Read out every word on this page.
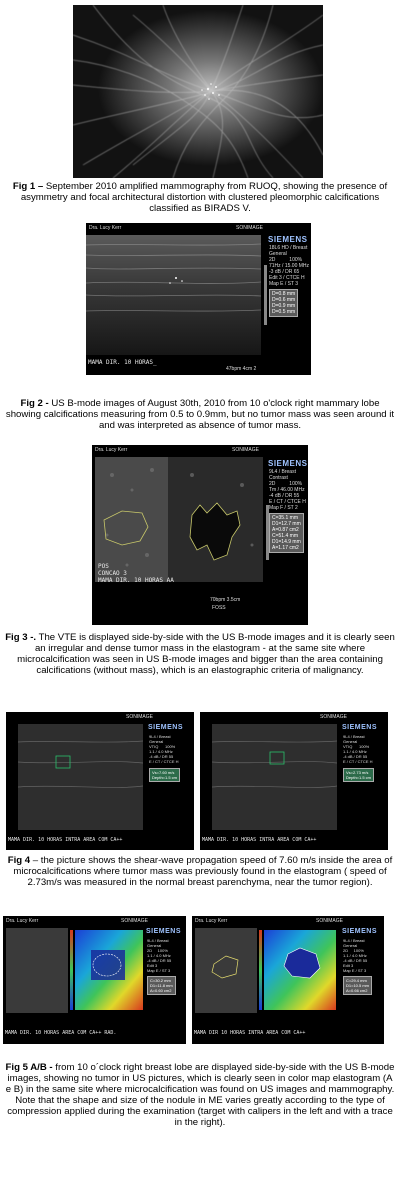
Fig 1 – September 2010 amplified mammography from RUOQ, showing the presence of asymmetry and focal architectural distortion with clustered pleomorphic calcifications classified as BIRADS V.
Dra. Lucy Kerr	SONIMAGE
SIEMENS
18L6 HD / Breast
General
2D          100%
71Hz / 15.00 MHz
-3 dB / DR 65
Edit 3 / CTCE H
Map E / ST 3
D=0.8 mm
D=0.6 mm
D=0.9 mm
D=0.5 mm
MAMA DIR. 10 HORAS_
47bpm 4cm 2
Fig 2 - US B-mode images of August 30th, 2010 from 10 o'clock right mammary lobe showing calcifications measuring from 0.5 to 0.9mm, but no tumor mass was seen around it and was interpreted as absence of tumor mass.
Dra. Lucy Kerr	SONIMAGE
SIEMENS
9L4 / Breast
Contrast
2D          100%
Tm / 46.00 MHz
-4 dB / DR 55
E / CT / CTCE H
Map F / ST 2
C=35.1 mm
D1=12.7 mm
A=0.87 cm2
C=51.4 mm
D1=14.9 mm
A=1.17 cm2
POS
CONCAO 3
MAMA DIR. 10 HORAS AA
70bpm 3.5cm
FOSS
Fig 3 -. The VTE is displayed side-by-side with the US B-mode images and it is clearly seen an irregular and dense tumor mass in the elastogram - at the same site where microcalcification was seen in US B-mode images and bigger than the area containing calcifications (without mass), which is an elastographic criteria of malignancy.
SONIMAGE
SIEMENS
9L4 / Breast
General
VTIQ      100%
1.1 / 4.0 MHz
-4 dB / DR 55
E / CT / CTCE H
Vs=7.60 m/s
Depth=1.5 cm
MAMA DIR. 10 HORAS INTRA AREA COM CA++
SONIMAGE
SIEMENS
9L4 / Breast
General
VTIQ      100%
1.1 / 4.0 MHz
-4 dB / DR 55
E / CT / CTCE H
Vs=2.73 m/s
Depth=1.5 cm
MAMA DIR. 10 HORAS INTRA AREA COM CA++
Fig 4 – the picture shows the shear-wave propagation speed of 7.60 m/s inside the area of microcalcifications where tumor mass was previously found in the elastogram ( speed of 2.73m/s was measured in the normal breast parenchyma, near the tumor region).
Dra. Lucy Kerr	SONIMAGE
SIEMENS
9L4 / Breast
General
2D     100%
1.1 / 4.0 MHz
-4 dB / DR 55
Edit 3
Map E / ST 3
C=30.2 mm
D1=11.8 mm
A=0.60 cm2
MAMA DIR. 10 HORAS AREA COM CA++ RAD.
Dra. Lucy Kerr	SONIMAGE
SIEMENS
9L4 / Breast
General
2D     100%
1.1 / 4.0 MHz
-4 dB / DR 55
Edit 3
Map E / ST 3
C=29.4 mm
D1=10.5 mm
A=0.66 cm2
MAMA DIR 10 HORAS INTRA AREA COM CA++
Fig 5 A/B - from 10 o´clock right breast lobe are displayed side-by-side with the US B-mode images, showing no tumor in US pictures, which is clearly seen in color map elastogram (A e B) in the same site where microcalcification was found on US images and mammography. Note that the shape and size of the nodule in ME varies greatly according to the type of compression applied during the examination (target with calipers in the left and with a trace in the right).
